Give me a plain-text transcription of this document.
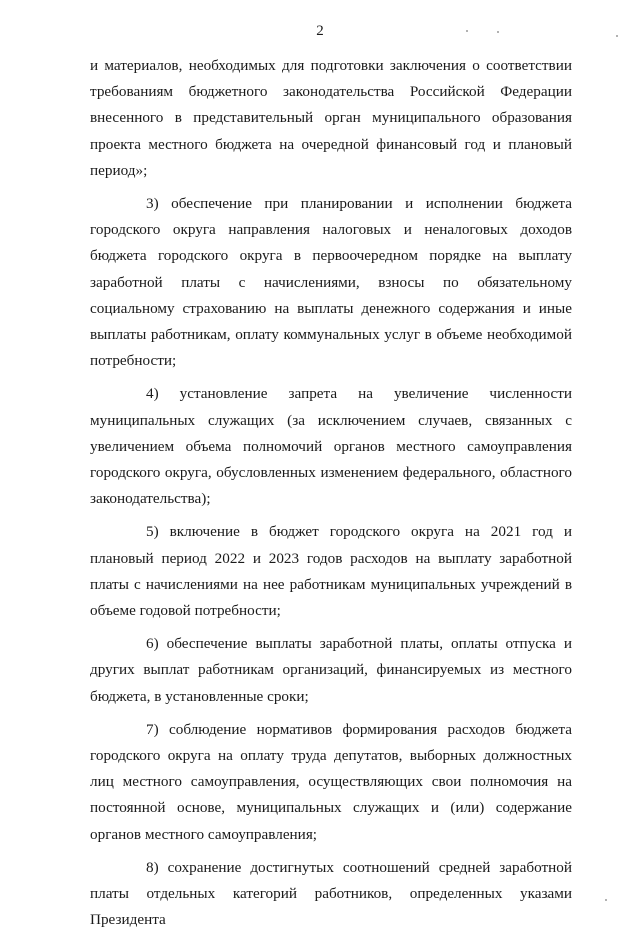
2

и материалов, необходимых для подготовки заключения о соответствии требованиям бюджетного законодательства Российской Федерации внесенного в представительный орган муниципального образования проекта местного бюджета на очередной финансовый год и плановый период»;

3) обеспечение при планировании и исполнении бюджета городского округа направления налоговых и неналоговых доходов бюджета городского округа в первоочередном порядке на выплату заработной платы с начислениями, взносы по обязательному социальному страхованию на выплаты денежного содержания и иные выплаты работникам, оплату коммунальных услуг в объеме необходимой потребности;

4) установление запрета на увеличение численности муниципальных служащих (за исключением случаев, связанных с увеличением объема полномочий органов местного самоуправления городского округа, обусловленных изменением федерального, областного законодательства);

5) включение в бюджет городского округа на 2021 год и плановый период 2022 и 2023 годов расходов на выплату заработной платы с начислениями на нее работникам муниципальных учреждений в объеме годовой потребности;

6) обеспечение выплаты заработной платы, оплаты отпуска и других выплат работникам организаций, финансируемых из местного бюджета, в установленные сроки;

7) соблюдение нормативов формирования расходов бюджета городского округа на оплату труда депутатов, выборных должностных лиц местного самоуправления, осуществляющих свои полномочия на постоянной основе, муниципальных служащих и (или) содержание органов местного самоуправления;

8) сохранение достигнутых соотношений средней заработной платы отдельных категорий работников, определенных указами Президента
